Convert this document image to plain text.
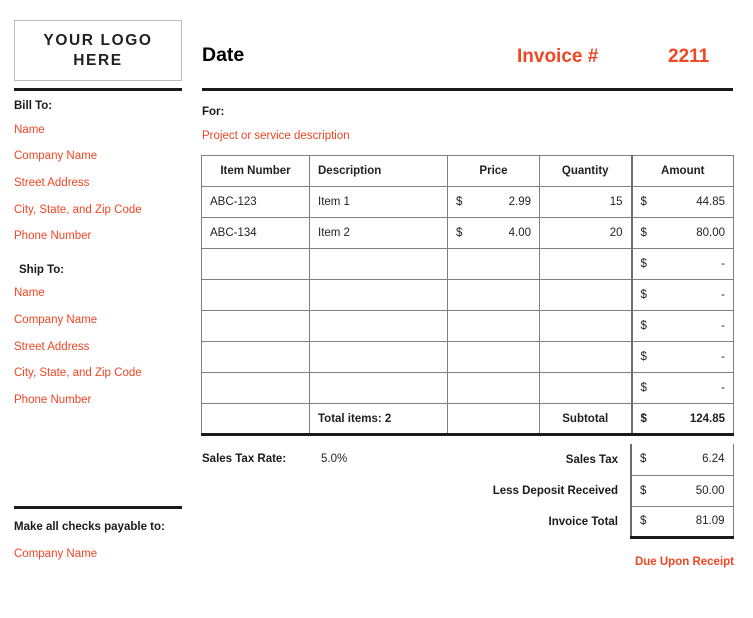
YOUR LOGO
HERE	Date	Invoice #	2211

Bill To:

Name

Company Name

Street Address

City, State, and Zip Code

Phone Number

Ship To:

Name

Company Name

Street Address

City, State, and Zip Code

Phone Number

Make all checks payable to:

Company Name

For:

Project or service description

Item Number	Description	Price	Quantity	Amount
ABC-123	Item 1	$ 2.99	15	$ 44.85

ABC-134	Item 2	$ 4.00	20	$ 80.00

				$ -

				$ -

				$ -

				$ -

				$ -

	Total items: 2		Subtotal	$ 124.85
Sales Tax Rate:	5.0%	Sales Tax	$ 6.24

Less Deposit Received	$ 50.00

Invoice Total	$ 81.09
Due Upon Receipt
